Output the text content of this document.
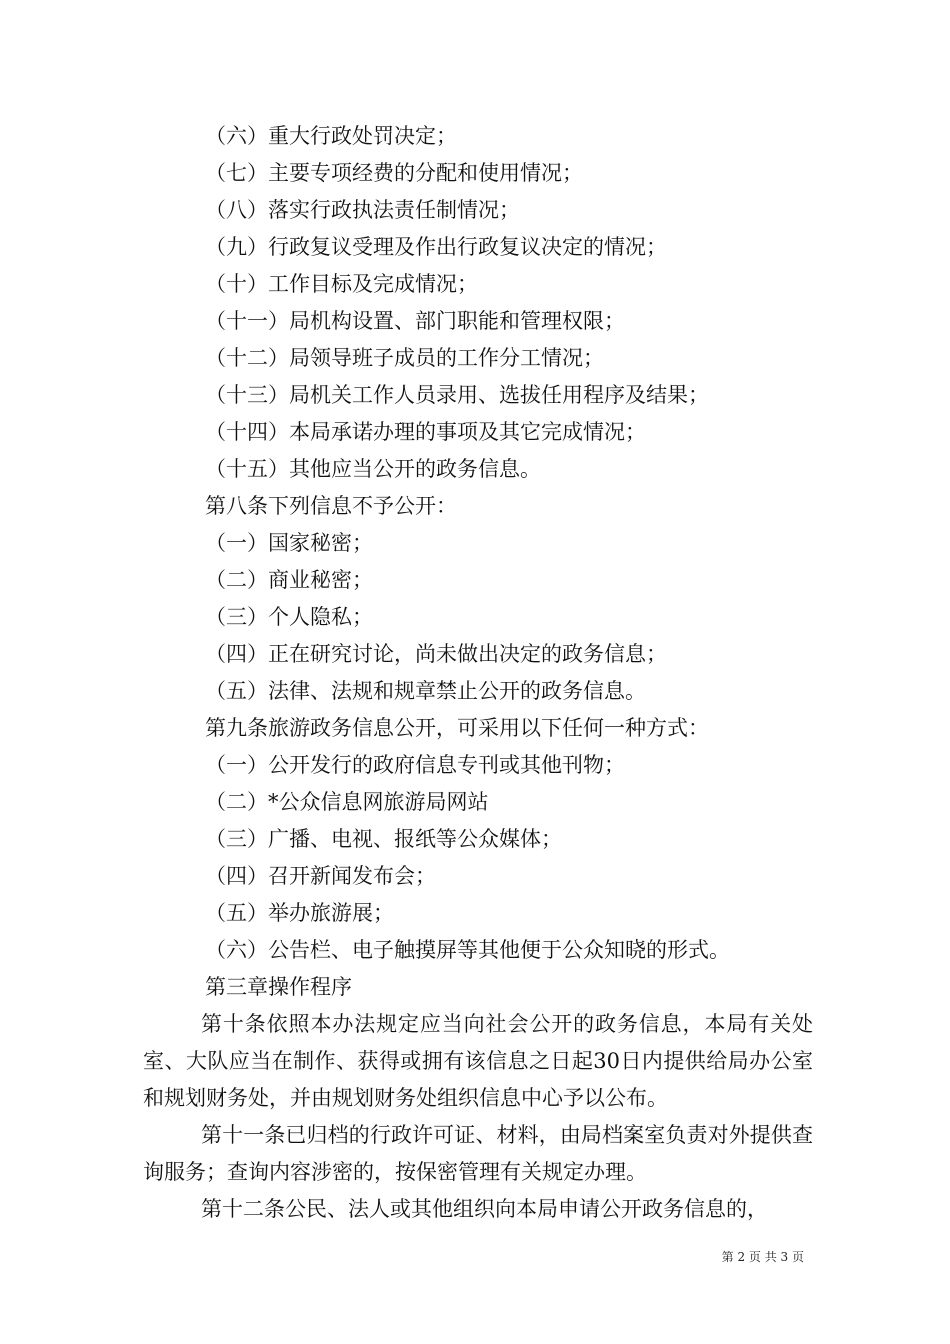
（六）重大行政处罚决定；
（七）主要专项经费的分配和使用情况；
（八）落实行政执法责任制情况；
（九）行政复议受理及作出行政复议决定的情况；
（十）工作目标及完成情况；
（十一）局机构设置、部门职能和管理权限；
（十二）局领导班子成员的工作分工情况；
（十三）局机关工作人员录用、选拔任用程序及结果；
（十四）本局承诺办理的事项及其它完成情况；
（十五）其他应当公开的政务信息。
第八条下列信息不予公开：
（一）国家秘密；
（二）商业秘密；
（三）个人隐私；
（四）正在研究讨论，尚未做出决定的政务信息；
（五）法律、法规和规章禁止公开的政务信息。
第九条旅游政务信息公开，可采用以下任何一种方式：
（一）公开发行的政府信息专刊或其他刊物；
（二）*公众信息网旅游局网站
（三）广播、电视、报纸等公众媒体；
（四）召开新闻发布会；
（五）举办旅游展；
（六）公告栏、电子触摸屏等其他便于公众知晓的形式。
第三章操作程序
第十条依照本办法规定应当向社会公开的政务信息，本局有关处室、大队应当在制作、获得或拥有该信息之日起30日内提供给局办公室和规划财务处，并由规划财务处组织信息中心予以公布。
第十一条已归档的行政许可证、材料，由局档案室负责对外提供查询服务；查询内容涉密的，按保密管理有关规定办理。
第十二条公民、法人或其他组织向本局申请公开政务信息的，
第 2 页 共 3 页
